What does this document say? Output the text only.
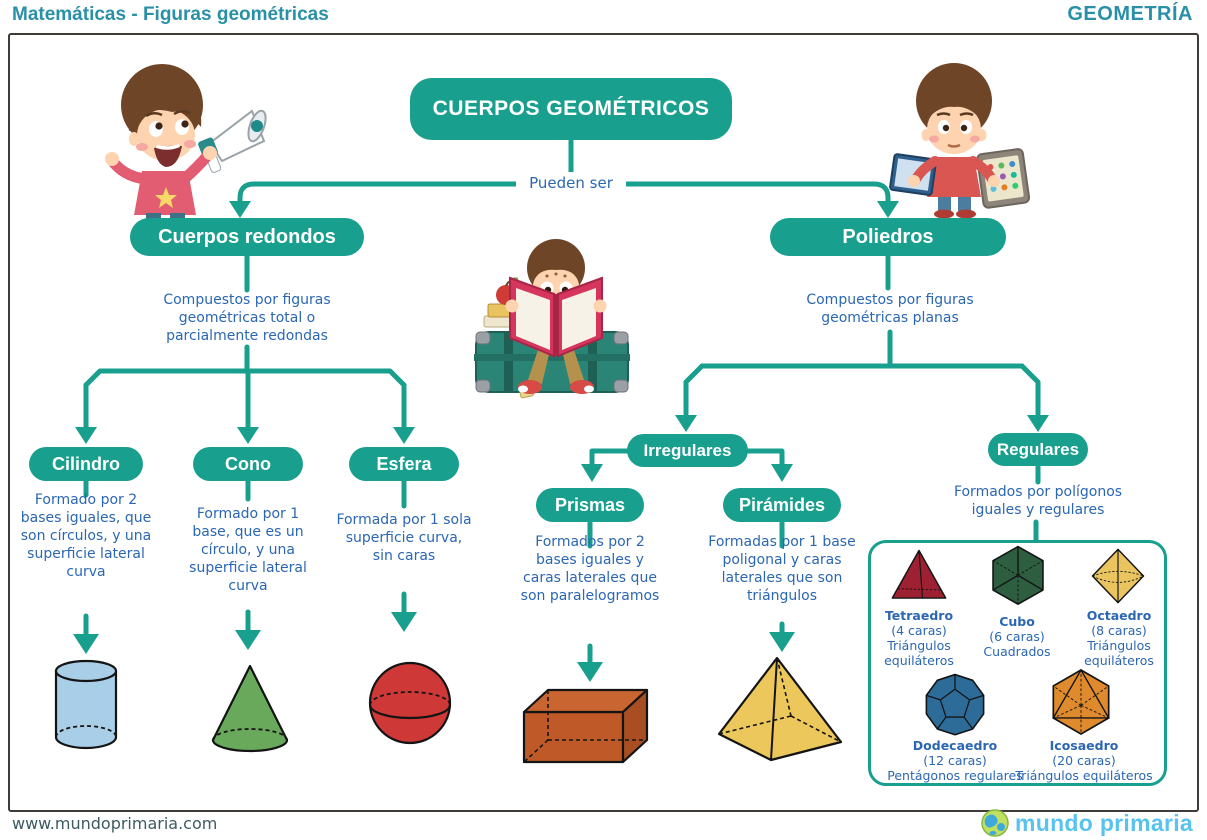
Matemáticas - Figuras geométricas	GEOMETRÍA
CUERPOS GEOMÉTRICOS
Pueden ser
Cuerpos redondos	Poliedros
Compuestos por figuras geométricas total o parcialmente redondas
Compuestos por figuras geométricas planas
Cilindro	Cono	Esfera
Formado por 2 bases iguales, que son círculos, y una superficie lateral curva
Formado por 1 base, que es un círculo, y una superficie lateral curva
Formada por 1 sola superficie curva, sin caras
Irregulares	Regulares
Prismas	Pirámides
Formados por 2 bases iguales y caras laterales que son paralelogramos
Formadas por 1 base poligonal y caras laterales que son triángulos
Formados por polígonos iguales y regulares
Tetraedro
(4 caras)
Triángulos equiláteros
Cubo
(6 caras)
Cuadrados
Octaedro
(8 caras)
Triángulos equiláteros
Dodecaedro
(12 caras)
Pentágonos regulares
Icosaedro
(20 caras)
Triángulos equiláteros
www.mundoprimaria.com	mundo primaria
